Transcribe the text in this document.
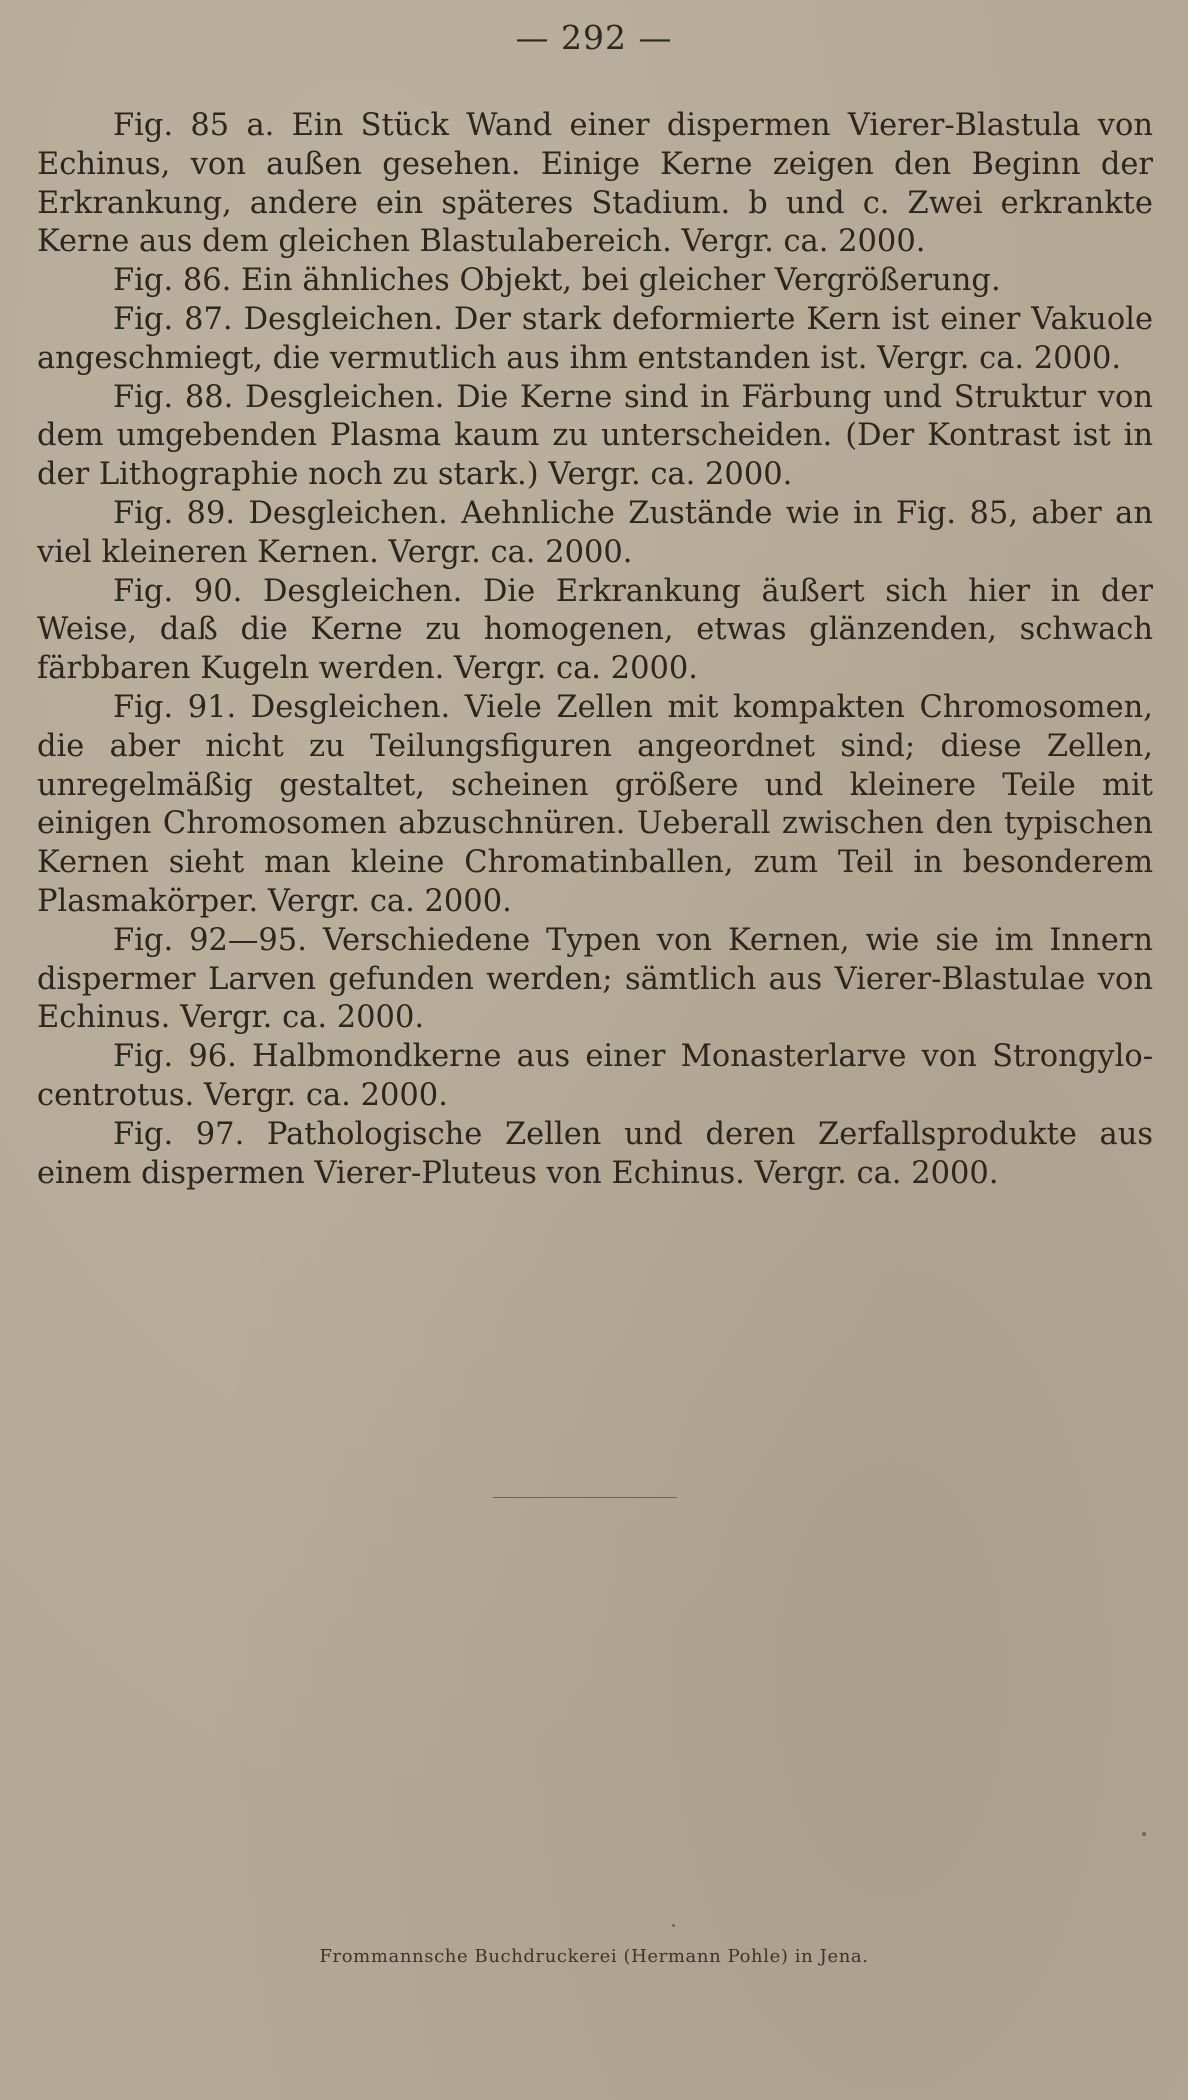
— 292 —

Fig. 85 a. Ein Stück Wand einer dispermen Vierer-Blastula von Echinus, von außen gesehen. Einige Kerne zeigen den Beginn der Erkrankung, andere ein späteres Stadium. b und c. Zwei erkrankte Kerne aus dem gleichen Blastulabereich. Vergr. ca. 2000.

Fig. 86. Ein ähnliches Objekt, bei gleicher Vergrößerung.

Fig. 87. Desgleichen. Der stark deformierte Kern ist einer Vakuole angeschmiegt, die vermutlich aus ihm entstanden ist. Vergr. ca. 2000.

Fig. 88. Desgleichen. Die Kerne sind in Färbung und Struktur von dem umgebenden Plasma kaum zu unterscheiden. (Der Kontrast ist in der Lithographie noch zu stark.) Vergr. ca. 2000.

Fig. 89. Desgleichen. Aehnliche Zustände wie in Fig. 85, aber an viel kleineren Kernen. Vergr. ca. 2000.

Fig. 90. Desgleichen. Die Erkrankung äußert sich hier in der Weise, daß die Kerne zu homogenen, etwas glänzenden, schwach färbbaren Kugeln werden. Vergr. ca. 2000.

Fig. 91. Desgleichen. Viele Zellen mit kompakten Chromosomen, die aber nicht zu Teilungsfiguren angeordnet sind; diese Zellen, unregelmäßig gestaltet, scheinen größere und kleinere Teile mit einigen Chromosomen abzuschnüren. Ueberall zwischen den typischen Kernen sieht man kleine Chromatinballen, zum Teil in besonderem Plasmakörper. Vergr. ca. 2000.

Fig. 92—95. Verschiedene Typen von Kernen, wie sie im Innern dispermer Larven gefunden werden; sämtlich aus Vierer-Blastulae von Echinus. Vergr. ca. 2000.

Fig. 96. Halbmondkerne aus einer Monasterlarve von Strongylocentrotus. Vergr. ca. 2000.

Fig. 97. Pathologische Zellen und deren Zerfallsprodukte aus einem dispermen Vierer-Pluteus von Echinus. Vergr. ca. 2000.

Frommannsche Buchdruckerei (Hermann Pohle) in Jena.
